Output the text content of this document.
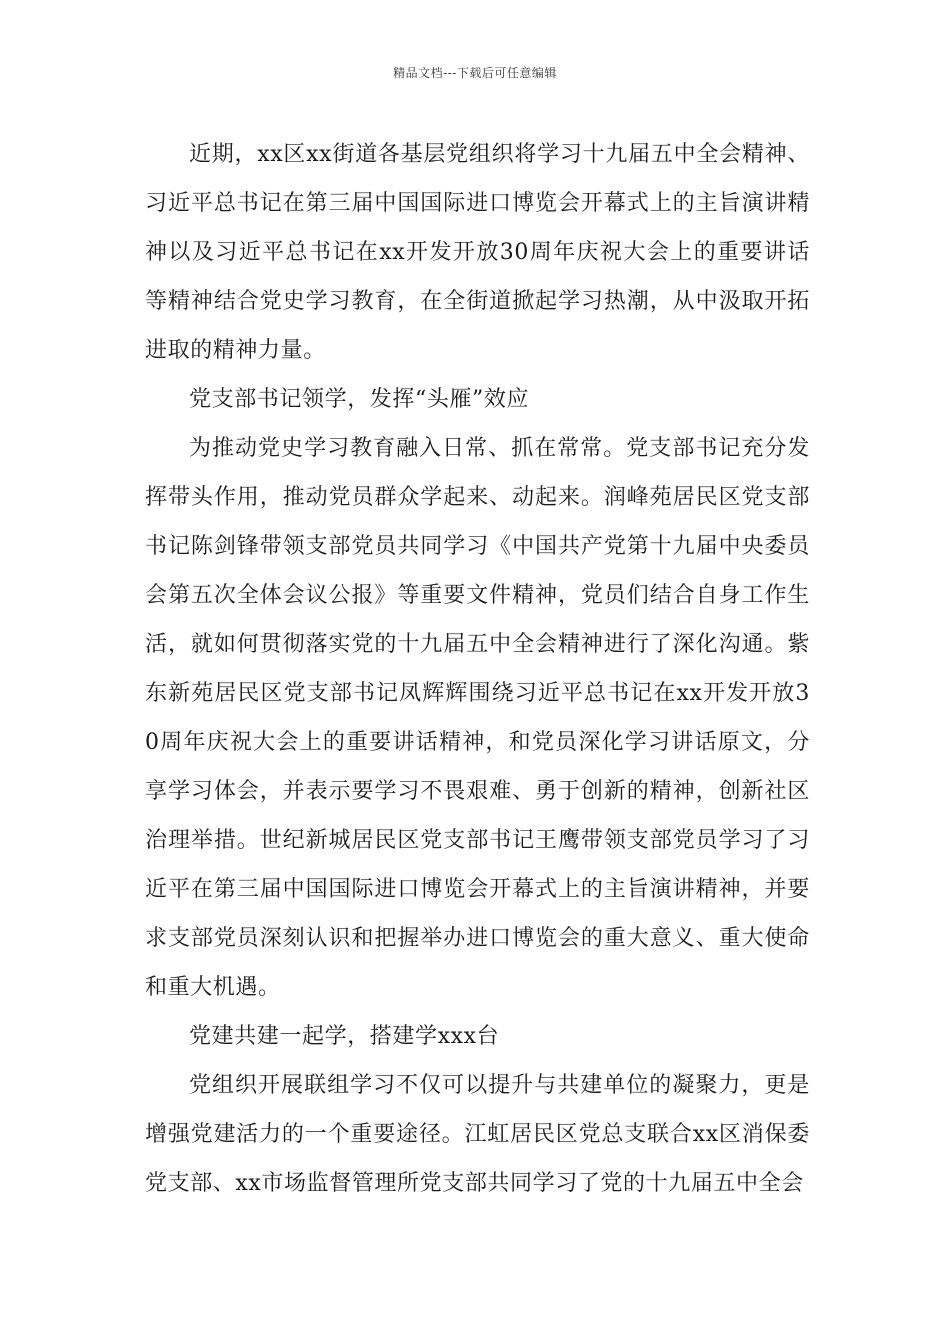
精品文档---下载后可任意编辑

近期，xx区xx街道各基层党组织将学习十九届五中全会精神、习近平总书记在第三届中国国际进口博览会开幕式上的主旨演讲精神以及习近平总书记在xx开发开放30周年庆祝大会上的重要讲话等精神结合党史学习教育，在全街道掀起学习热潮，从中汲取开拓进取的精神力量。

党支部书记领学，发挥“头雁”效应

为推动党史学习教育融入日常、抓在常常。党支部书记充分发挥带头作用，推动党员群众学起来、动起来。润峰苑居民区党支部书记陈剑锋带领支部党员共同学习《中国共产党第十九届中央委员会第五次全体会议公报》等重要文件精神，党员们结合自身工作生活，就如何贯彻落实党的十九届五中全会精神进行了深化沟通。紫东新苑居民区党支部书记凤辉辉围绕习近平总书记在xx开发开放30周年庆祝大会上的重要讲话精神，和党员深化学习讲话原文，分享学习体会，并表示要学习不畏艰难、勇于创新的精神，创新社区治理举措。世纪新城居民区党支部书记王鹰带领支部党员学习了习近平在第三届中国国际进口博览会开幕式上的主旨演讲精神，并要求支部党员深刻认识和把握举办进口博览会的重大意义、重大使命和重大机遇。

党建共建一起学，搭建学xxx台

党组织开展联组学习不仅可以提升与共建单位的凝聚力，更是增强党建活力的一个重要途径。江虹居民区党总支联合xx区消保委党支部、xx市场监督管理所党支部共同学习了党的十九届五中全会
